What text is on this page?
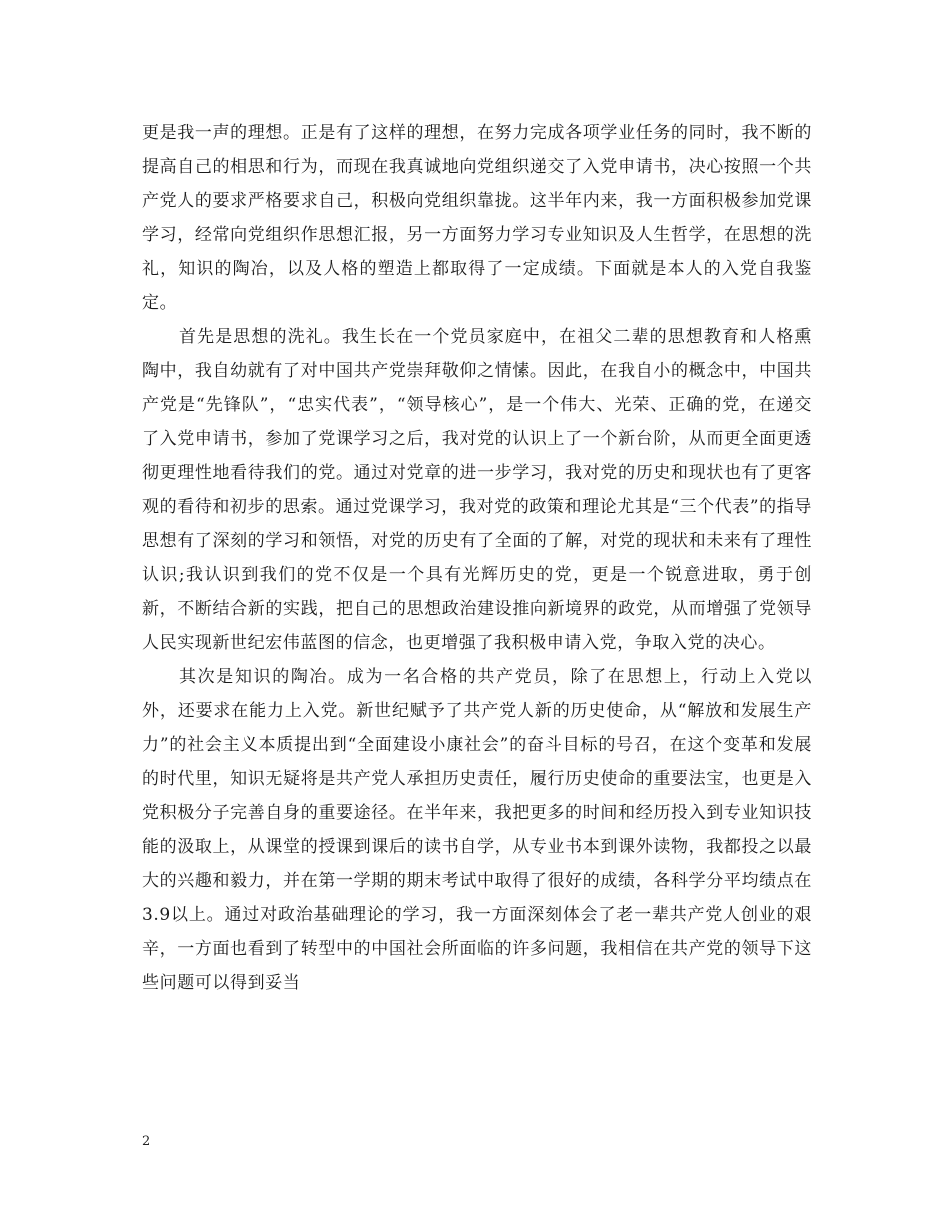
更是我一声的理想。正是有了这样的理想，在努力完成各项学业任务的同时，我不断的提高自己的相思和行为，而现在我真诚地向党组织递交了入党申请书，决心按照一个共产党人的要求严格要求自己，积极向党组织靠拢。这半年内来，我一方面积极参加党课学习，经常向党组织作思想汇报，另一方面努力学习专业知识及人生哲学，在思想的洗礼，知识的陶冶，以及人格的塑造上都取得了一定成绩。下面就是本人的入党自我鉴定。

首先是思想的洗礼。我生长在一个党员家庭中，在祖父二辈的思想教育和人格熏陶中，我自幼就有了对中国共产党崇拜敬仰之情愫。因此，在我自小的概念中，中国共产党是“先锋队”，“忠实代表”，“领导核心”，是一个伟大、光荣、正确的党，在递交了入党申请书，参加了党课学习之后，我对党的认识上了一个新台阶，从而更全面更透彻更理性地看待我们的党。通过对党章的进一步学习，我对党的历史和现状也有了更客观的看待和初步的思索。通过党课学习，我对党的政策和理论尤其是“三个代表”的指导思想有了深刻的学习和领悟，对党的历史有了全面的了解，对党的现状和未来有了理性认识;我认识到我们的党不仅是一个具有光辉历史的党，更是一个锐意进取，勇于创新，不断结合新的实践，把自己的思想政治建设推向新境界的政党，从而增强了党领导人民实现新世纪宏伟蓝图的信念，也更增强了我积极申请入党，争取入党的决心。

其次是知识的陶冶。成为一名合格的共产党员，除了在思想上，行动上入党以外，还要求在能力上入党。新世纪赋予了共产党人新的历史使命，从“解放和发展生产力”的社会主义本质提出到“全面建设小康社会”的奋斗目标的号召，在这个变革和发展的时代里，知识无疑将是共产党人承担历史责任，履行历史使命的重要法宝，也更是入党积极分子完善自身的重要途径。在半年来，我把更多的时间和经历投入到专业知识技能的汲取上，从课堂的授课到课后的读书自学，从专业书本到课外读物，我都投之以最大的兴趣和毅力，并在第一学期的期末考试中取得了很好的成绩，各科学分平均绩点在3.9以上。通过对政治基础理论的学习，我一方面深刻体会了老一辈共产党人创业的艰辛，一方面也看到了转型中的中国社会所面临的许多问题，我相信在共产党的领导下这些问题可以得到妥当

2
